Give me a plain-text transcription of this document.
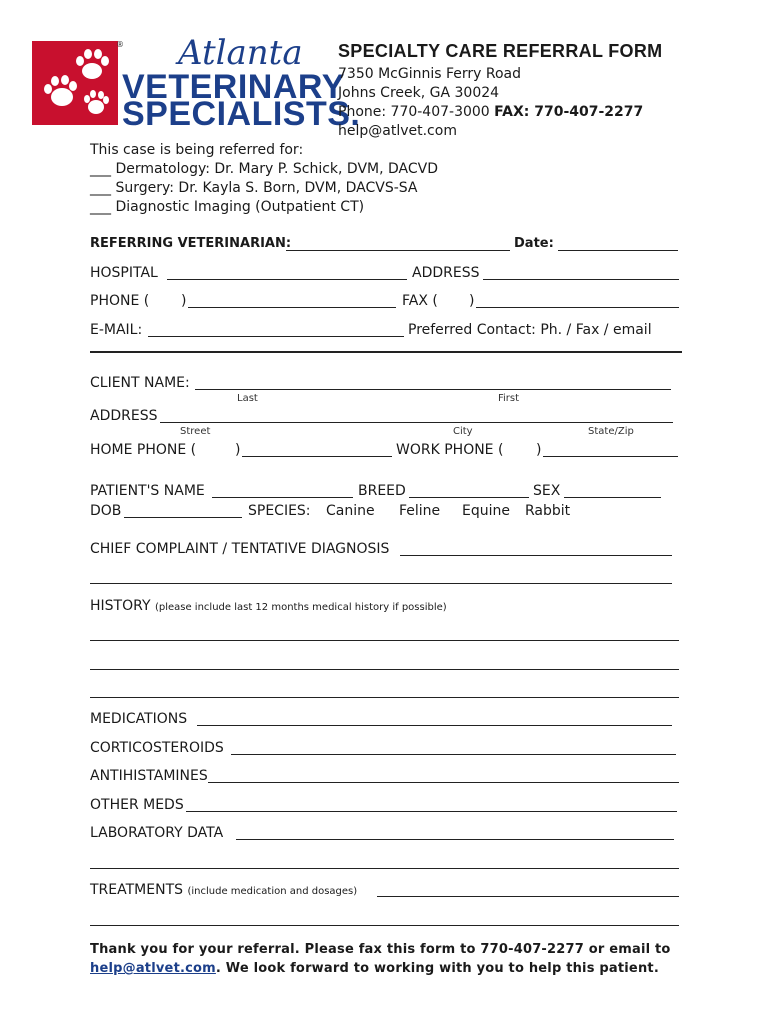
Atlanta
VETERINARY
SPECIALISTS.
®	SPECIALTY CARE REFERRAL FORM
7350 McGinnis Ferry Road
Johns Creek, GA 30024
Phone: 770-407-3000 FAX: 770-407-2277
help@atlvet.com
This case is being referred for:
___ Dermatology: Dr. Mary P. Schick, DVM, DACVD
___ Surgery: Dr. Kayla S. Born, DVM, DACVS-SA
___ Diagnostic Imaging (Outpatient CT)
REFERRING VETERINARIAN:	Date:
HOSPITAL	ADDRESS
PHONE ( )	FAX ( )
E-MAIL:	Preferred Contact: Ph. / Fax / email
CLIENT NAME:
Last	First
ADDRESS
Street	City	State/Zip
HOME PHONE (	)	WORK PHONE ( )
PATIENT'S NAME	BREED	SEX
DOB	SPECIES: Canine Feline Equine Rabbit
CHIEF COMPLAINT / TENTATIVE DIAGNOSIS
HISTORY (please include last 12 months medical history if possible)
MEDICATIONS
CORTICOSTEROIDS
ANTIHISTAMINES
OTHER MEDS
LABORATORY DATA
TREATMENTS (include medication and dosages)
Thank you for your referral. Please fax this form to 770-407-2277 or email to
help@atlvet.com. We look forward to working with you to help this patient.
